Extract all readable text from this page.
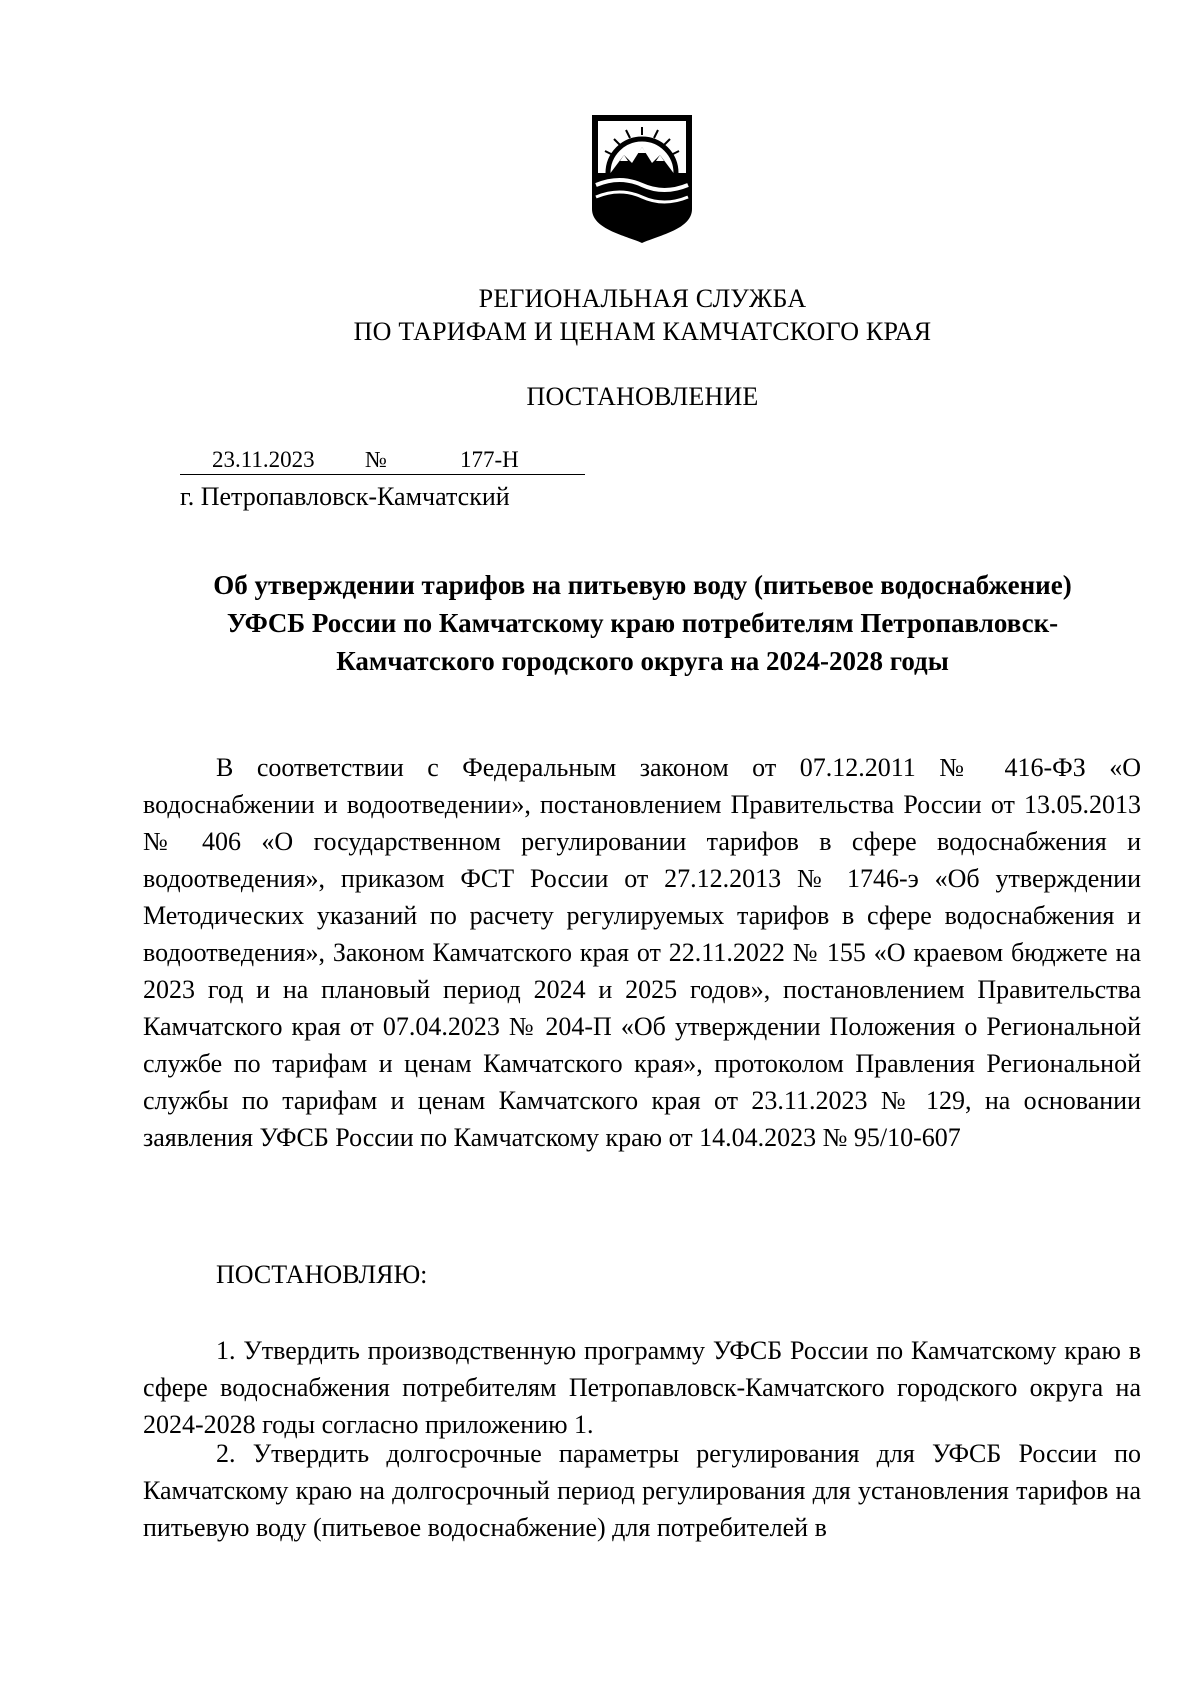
РЕГИОНАЛЬНАЯ СЛУЖБА
ПО ТАРИФАМ И ЦЕНАМ КАМЧАТСКОГО КРАЯ
ПОСТАНОВЛЕНИЕ
23.11.2023 №	177-Н
г. Петропавловск-Камчатский
Об утверждении тарифов на питьевую воду (питьевое водоснабжение)
УФСБ России по Камчатскому краю потребителям Петропавловск-
Камчатского городского округа на 2024-2028 годы

В соответствии с Федеральным законом от 07.12.2011 № 416-ФЗ «О водоснабжении и водоотведении», постановлением Правительства России от 13.05.2013 № 406 «О государственном регулировании тарифов в сфере водоснабжения и водоотведения», приказом ФСТ России от 27.12.2013 № 1746-э «Об утверждении Методических указаний по расчету регулируемых тарифов в сфере водоснабжения и водоотведения», Законом Камчатского края от 22.11.2022 № 155 «О краевом бюджете на 2023 год и на плановый период 2024 и 2025 годов», постановлением Правительства Камчатского края от 07.04.2023 № 204-П «Об утверждении Положения о Региональной службе по тарифам и ценам Камчатского края», протоколом Правления Региональной службы по тарифам и ценам Камчатского края от 23.11.2023 № 129, на основании заявления УФСБ России по Камчатскому краю от 14.04.2023 № 95/10-607

ПОСТАНОВЛЯЮ:

1. Утвердить производственную программу УФСБ России по Камчатскому краю в сфере водоснабжения потребителям Петропавловск-Камчатского городского округа на 2024-2028 годы согласно приложению 1.

2. Утвердить долгосрочные параметры регулирования для УФСБ России по Камчатскому краю на долгосрочный период регулирования для установления тарифов на питьевую воду (питьевое водоснабжение) для потребителей в
